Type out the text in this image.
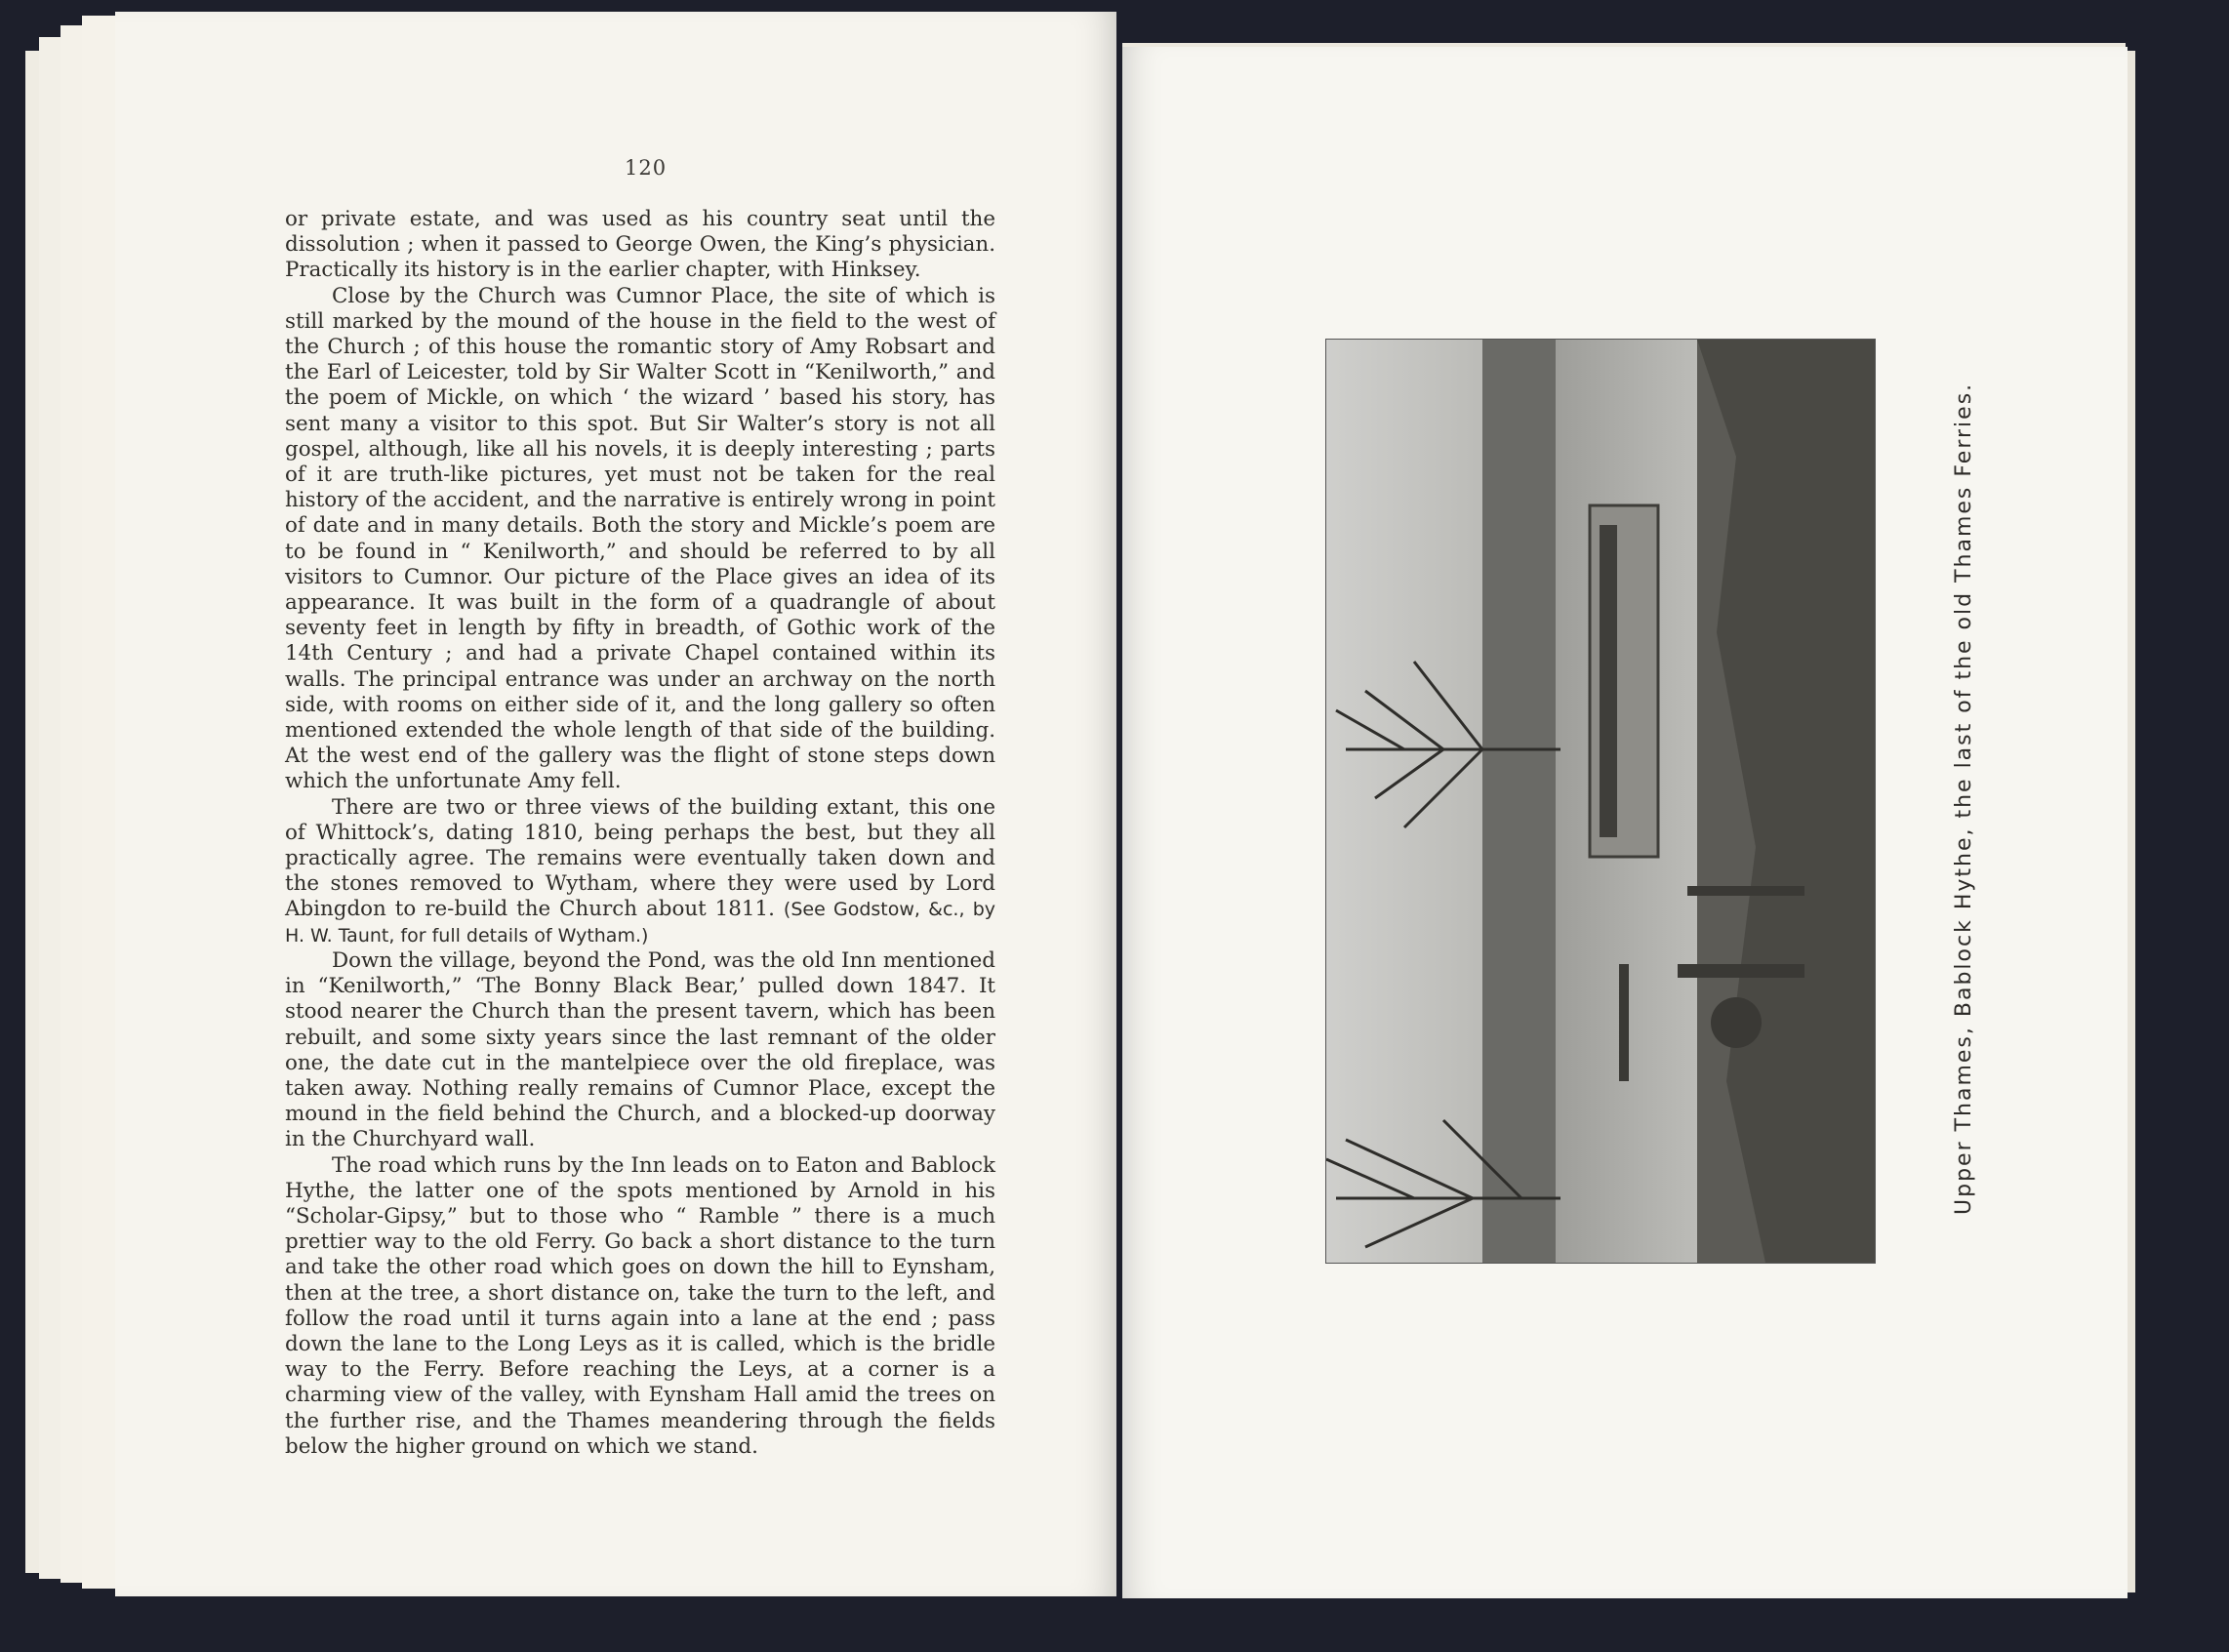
120

or private estate, and was used as his country seat until the dissolution ; when it passed to George Owen, the King’s physician. Practically its history is in the earlier chapter, with Hinksey.

Close by the Church was Cumnor Place, the site of which is still marked by the mound of the house in the field to the west of the Church ; of this house the romantic story of Amy Robsart and the Earl of Leicester, told by Sir Walter Scott in “Kenilworth,” and the poem of Mickle, on which ‘ the wizard ’ based his story, has sent many a visitor to this spot. But Sir Walter’s story is not all gospel, although, like all his novels, it is deeply interesting ; parts of it are truth-like pictures, yet must not be taken for the real history of the accident, and the narrative is entirely wrong in point of date and in many details. Both the story and Mickle’s poem are to be found in “ Kenilworth,” and should be referred to by all visitors to Cumnor. Our picture of the Place gives an idea of its appearance. It was built in the form of a quadrangle of about seventy feet in length by fifty in breadth, of Gothic work of the 14th Century ; and had a private Chapel contained within its walls. The principal entrance was under an archway on the north side, with rooms on either side of it, and the long gallery so often mentioned extended the whole length of that side of the building. At the west end of the gallery was the flight of stone steps down which the unfortunate Amy fell.

There are two or three views of the building extant, this one of Whittock’s, dating 1810, being perhaps the best, but they all practically agree. The remains were eventually taken down and the stones removed to Wytham, where they were used by Lord Abingdon to re-build the Church about 1811. (See Godstow, &c., by H. W. Taunt, for full details of Wytham.)

Down the village, beyond the Pond, was the old Inn mentioned in “Kenilworth,” ‘The Bonny Black Bear,’ pulled down 1847. It stood nearer the Church than the present tavern, which has been rebuilt, and some sixty years since the last remnant of the older one, the date cut in the mantelpiece over the old fireplace, was taken away. Nothing really remains of Cumnor Place, except the mound in the field behind the Church, and a blocked-up doorway in the Churchyard wall.

The road which runs by the Inn leads on to Eaton and Bablock Hythe, the latter one of the spots mentioned by Arnold in his “Scholar-Gipsy,” but to those who “ Ramble ” there is a much prettier way to the old Ferry. Go back a short distance to the turn and take the other road which goes on down the hill to Eynsham, then at the tree, a short distance on, take the turn to the left, and follow the road until it turns again into a lane at the end ; pass down the lane to the Long Leys as it is called, which is the bridle way to the Ferry. Before reaching the Leys, at a corner is a charming view of the valley, with Eynsham Hall amid the trees on the further rise, and the Thames meandering through the fields below the higher ground on which we stand.

Upper Thames, Bablock Hythe, the last of the old Thames Ferries.
